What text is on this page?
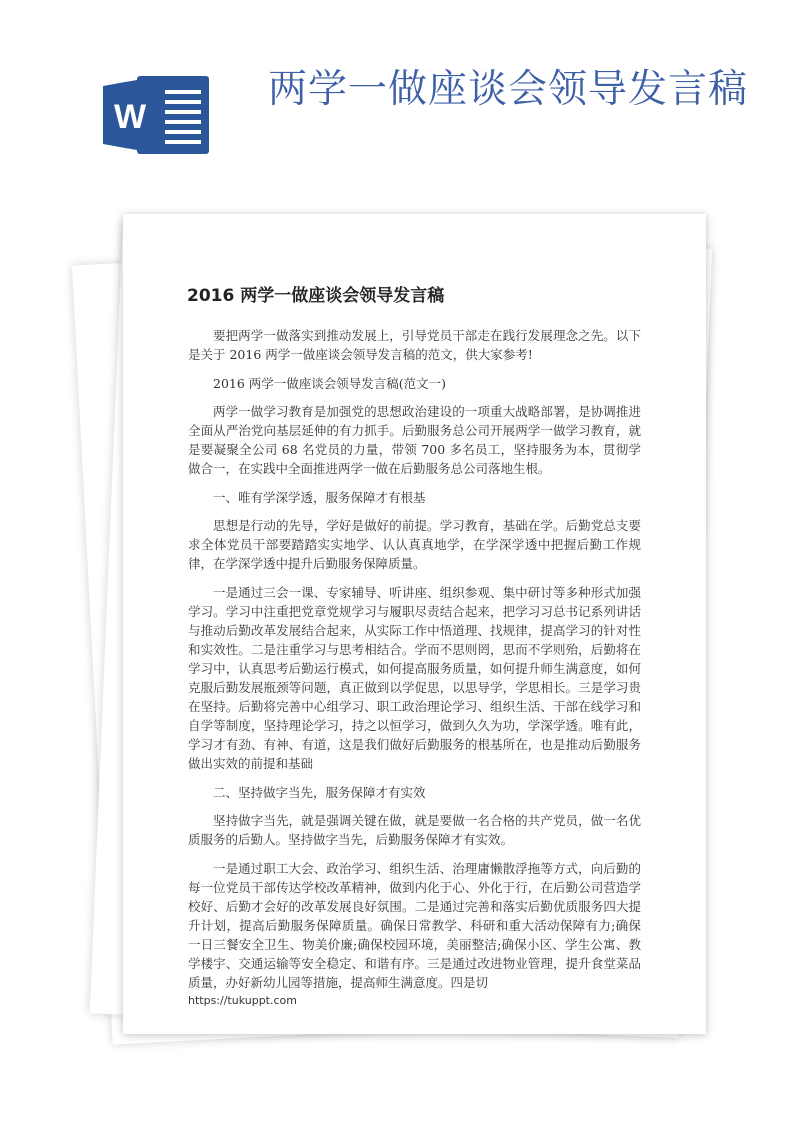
W
两学一做座谈会领导发言稿
2016 两学一做座谈会领导发言稿

要把两学一做落实到推动发展上，引导党员干部走在践行发展理念之先。以下是关于 2016 两学一做座谈会领导发言稿的范文，供大家参考!

2016 两学一做座谈会领导发言稿(范文一)

两学一做学习教育是加强党的思想政治建设的一项重大战略部署，是协调推进全面从严治党向基层延伸的有力抓手。后勤服务总公司开展两学一做学习教育，就是要凝聚全公司 68 名党员的力量，带领 700 多名员工，坚持服务为本，贯彻学做合一，在实践中全面推进两学一做在后勤服务总公司落地生根。

一、唯有学深学透，服务保障才有根基

思想是行动的先导，学好是做好的前提。学习教育，基础在学。后勤党总支要求全体党员干部要踏踏实实地学、认认真真地学，在学深学透中把握后勤工作规律，在学深学透中提升后勤服务保障质量。

一是通过三会一课、专家辅导、听讲座、组织参观、集中研讨等多种形式加强学习。学习中注重把党章党规学习与履职尽责结合起来，把学习习总书记系列讲话与推动后勤改革发展结合起来，从实际工作中悟道理、找规律，提高学习的针对性和实效性。二是注重学习与思考相结合。学而不思则罔，思而不学则殆，后勤将在学习中，认真思考后勤运行模式，如何提高服务质量，如何提升师生满意度，如何克服后勤发展瓶颈等问题，真正做到以学促思，以思导学，学思相长。三是学习贵在坚持。后勤将完善中心组学习、职工政治理论学习、组织生活、干部在线学习和自学等制度，坚持理论学习，持之以恒学习，做到久久为功，学深学透。唯有此，学习才有劲、有神、有道，这是我们做好后勤服务的根基所在，也是推动后勤服务做出实效的前提和基础

二、坚持做字当先，服务保障才有实效

坚持做字当先，就是强调关键在做，就是要做一名合格的共产党员，做一名优质服务的后勤人。坚持做字当先，后勤服务保障才有实效。

一是通过职工大会、政治学习、组织生活、治理庸懒散浮拖等方式，向后勤的每一位党员干部传达学校改革精神，做到内化于心、外化于行，在后勤公司营造学校好、后勤才会好的改革发展良好氛围。二是通过完善和落实后勤优质服务四大提升计划，提高后勤服务保障质量。确保日常教学、科研和重大活动保障有力;确保一日三餐安全卫生、物美价廉;确保校园环境，美丽整洁;确保小区、学生公寓、教学楼宇、交通运输等安全稳定、和谐有序。三是通过改进物业管理，提升食堂菜品质量，办好新幼儿园等措施，提高师生满意度。四是切

https://tukuppt.com
